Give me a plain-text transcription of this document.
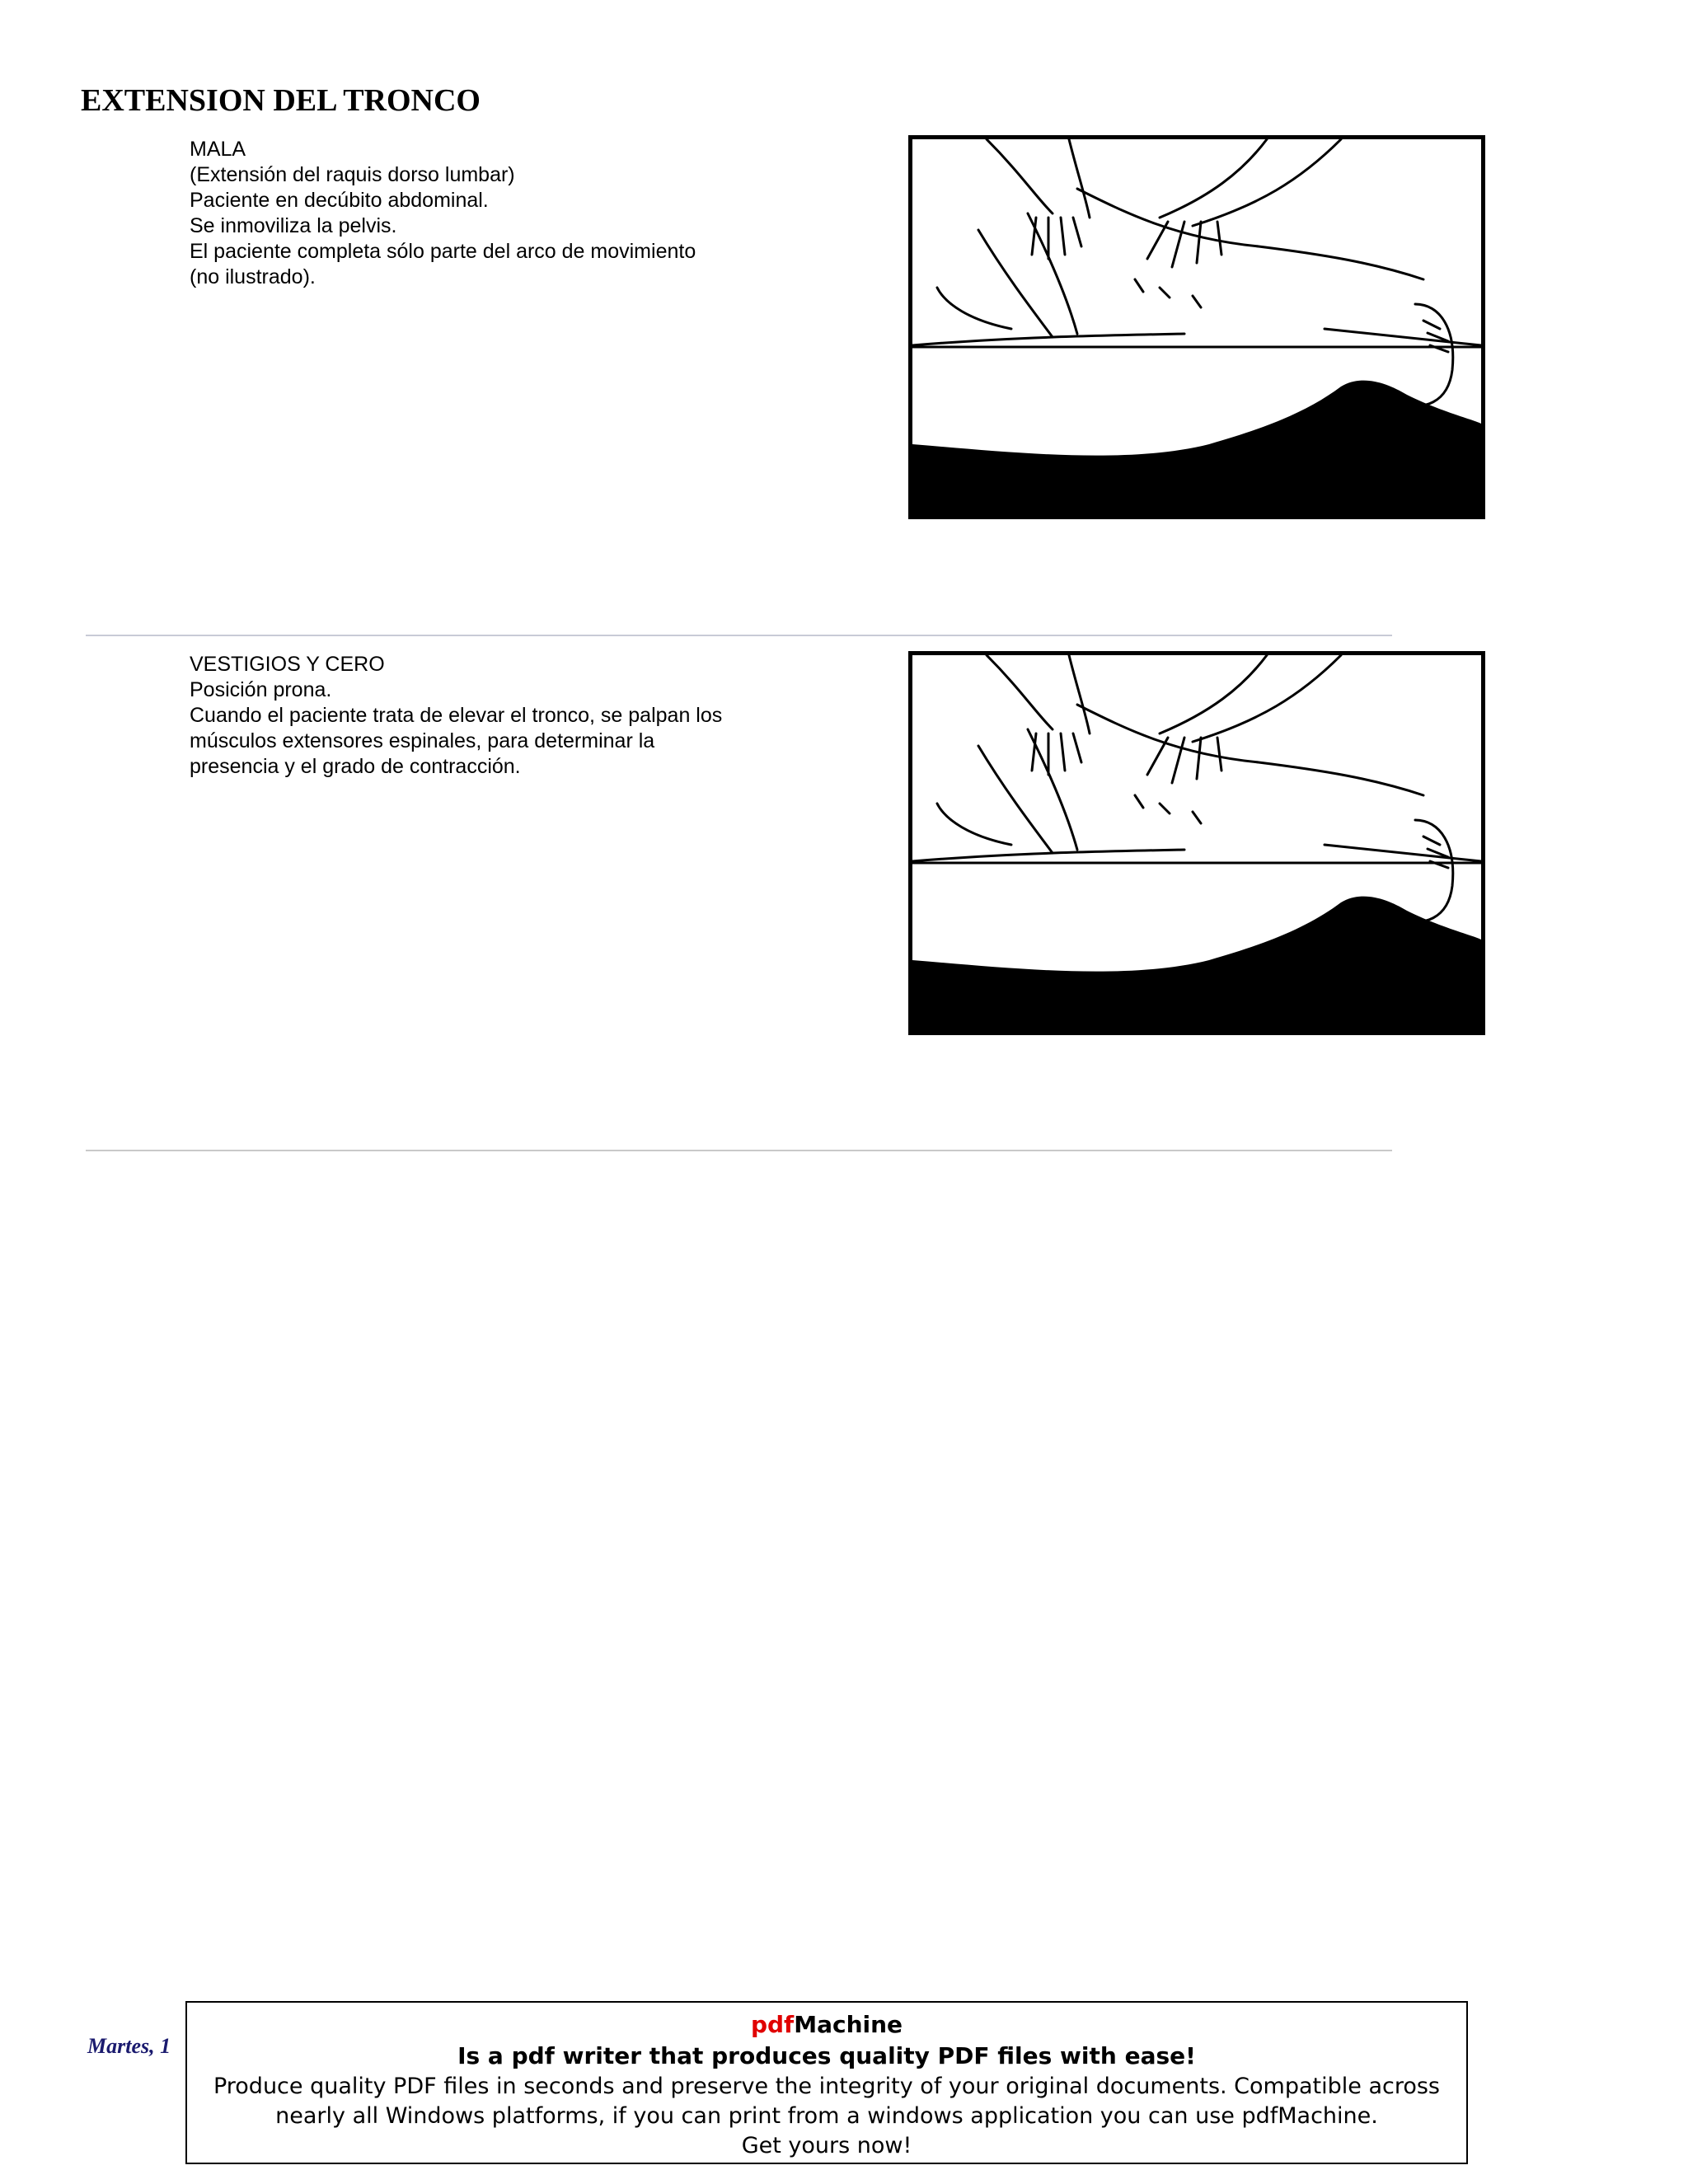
EXTENSION DEL TRONCO
MALA
(Extensión del raquis dorso lumbar)
Paciente en decúbito abdominal.
Se inmoviliza la pelvis.
El paciente completa sólo parte del arco de movimiento
(no ilustrado).
VESTIGIOS Y CERO
Posición prona.
Cuando el paciente trata de elevar el tronco, se palpan los
músculos extensores espinales, para determinar la
presencia y el grado de contracción.
Martes, 1
pdfMachine
Is a pdf writer that produces quality PDF files with ease!
Produce quality PDF files in seconds and preserve the integrity of your original documents. Compatible across
nearly all Windows platforms, if you can print from a windows application you can use pdfMachine.
Get yours now!
